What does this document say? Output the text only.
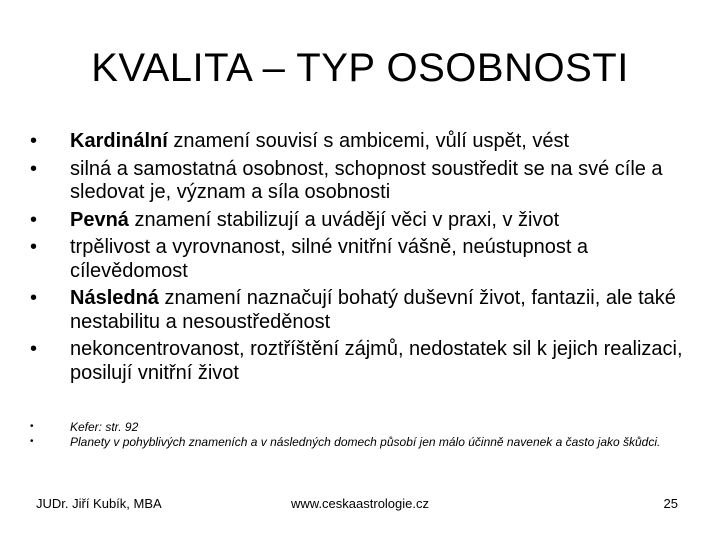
KVALITA – TYP OSOBNOSTI
•	Kardinální znamení souvisí s ambicemi, vůlí uspět, vést
•	silná a samostatná osobnost, schopnost soustředit se na své cíle a sledovat je, význam a síla osobnosti
•	Pevná znamení stabilizují a uvádějí věci v praxi, v život
•	trpělivost a vyrovnanost, silné vnitřní vášně, neústupnost a cílevědomost
•	Následná znamení naznačují bohatý duševní život, fantazii, ale také nestabilitu a nesoustředěnost
•	nekoncentrovanost, roztříštění zájmů, nedostatek sil k jejich realizaci, posilují vnitřní život
•	Kefer: str. 92
•	Planety v pohyblivých znameních a v následných domech působí jen málo účinně navenek a často jako škůdci.
JUDr. Jiří Kubík, MBA	www.ceskaastrologie.cz	25
